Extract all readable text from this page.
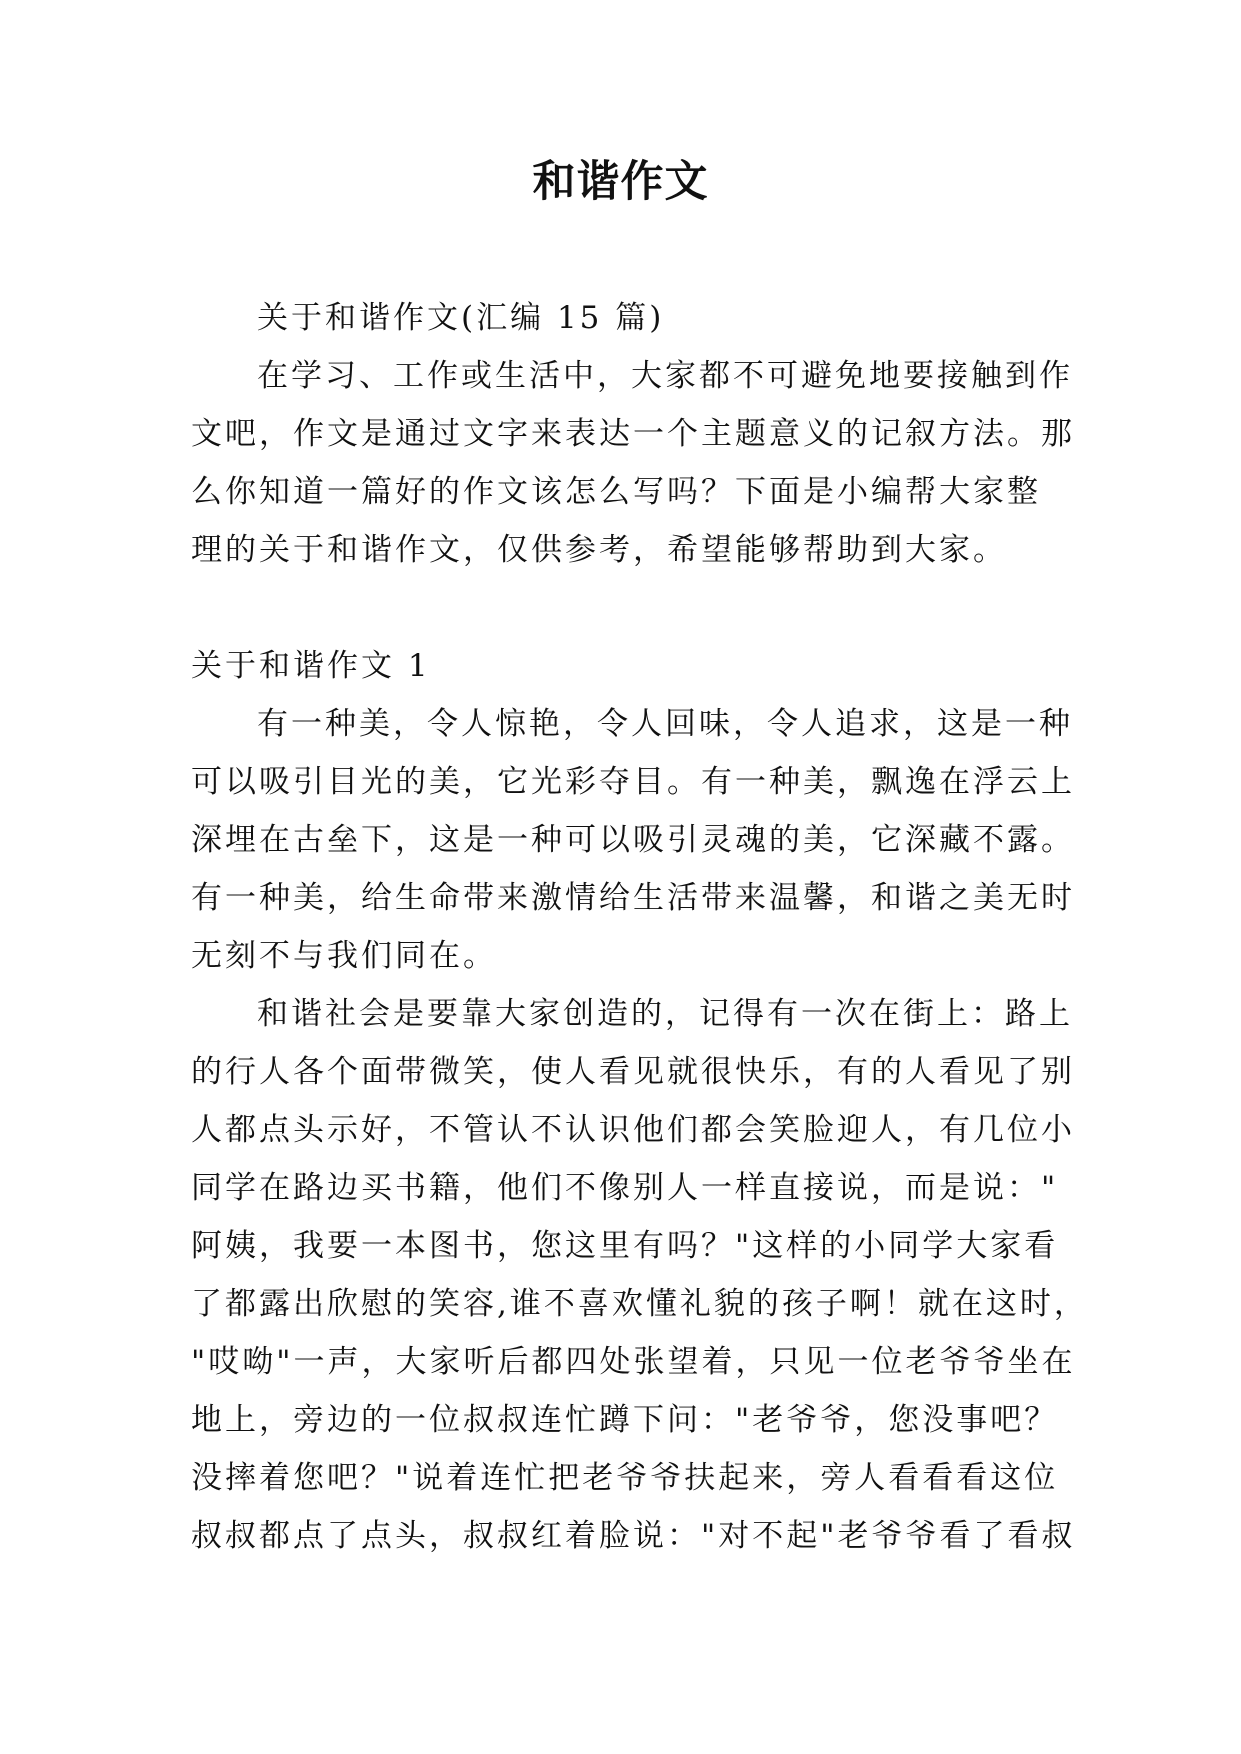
和谐作文

关于和谐作文(汇编 15 篇)

在学习、工作或生活中，大家都不可避免地要接触到作

文吧，作文是通过文字来表达一个主题意义的记叙方法。那
么你知道一篇好的作文该怎么写吗？下面是小编帮大家整
理的关于和谐作文，仅供参考，希望能够帮助到大家。

关于和谐作文 1

有一种美，令人惊艳，令人回味，令人追求，这是一种

可以吸引目光的美，它光彩夺目。有一种美，飘逸在浮云上
深埋在古垒下，这是一种可以吸引灵魂的美，它深藏不露。
有一种美，给生命带来激情给生活带来温馨，和谐之美无时
无刻不与我们同在。

和谐社会是要靠大家创造的，记得有一次在街上：路上

的行人各个面带微笑，使人看见就很快乐，有的人看见了别
人都点头示好，不管认不认识他们都会笑脸迎人，有几位小
同学在路边买书籍，他们不像别人一样直接说，而是说："
阿姨，我要一本图书，您这里有吗？"这样的小同学大家看
了都露出欣慰的笑容,谁不喜欢懂礼貌的孩子啊！就在这时，
"哎呦"一声，大家听后都四处张望着，只见一位老爷爷坐在
地上，旁边的一位叔叔连忙蹲下问："老爷爷，您没事吧？
没摔着您吧？"说着连忙把老爷爷扶起来，旁人看看看这位
叔叔都点了点头，叔叔红着脸说："对不起"老爷爷看了看叔
